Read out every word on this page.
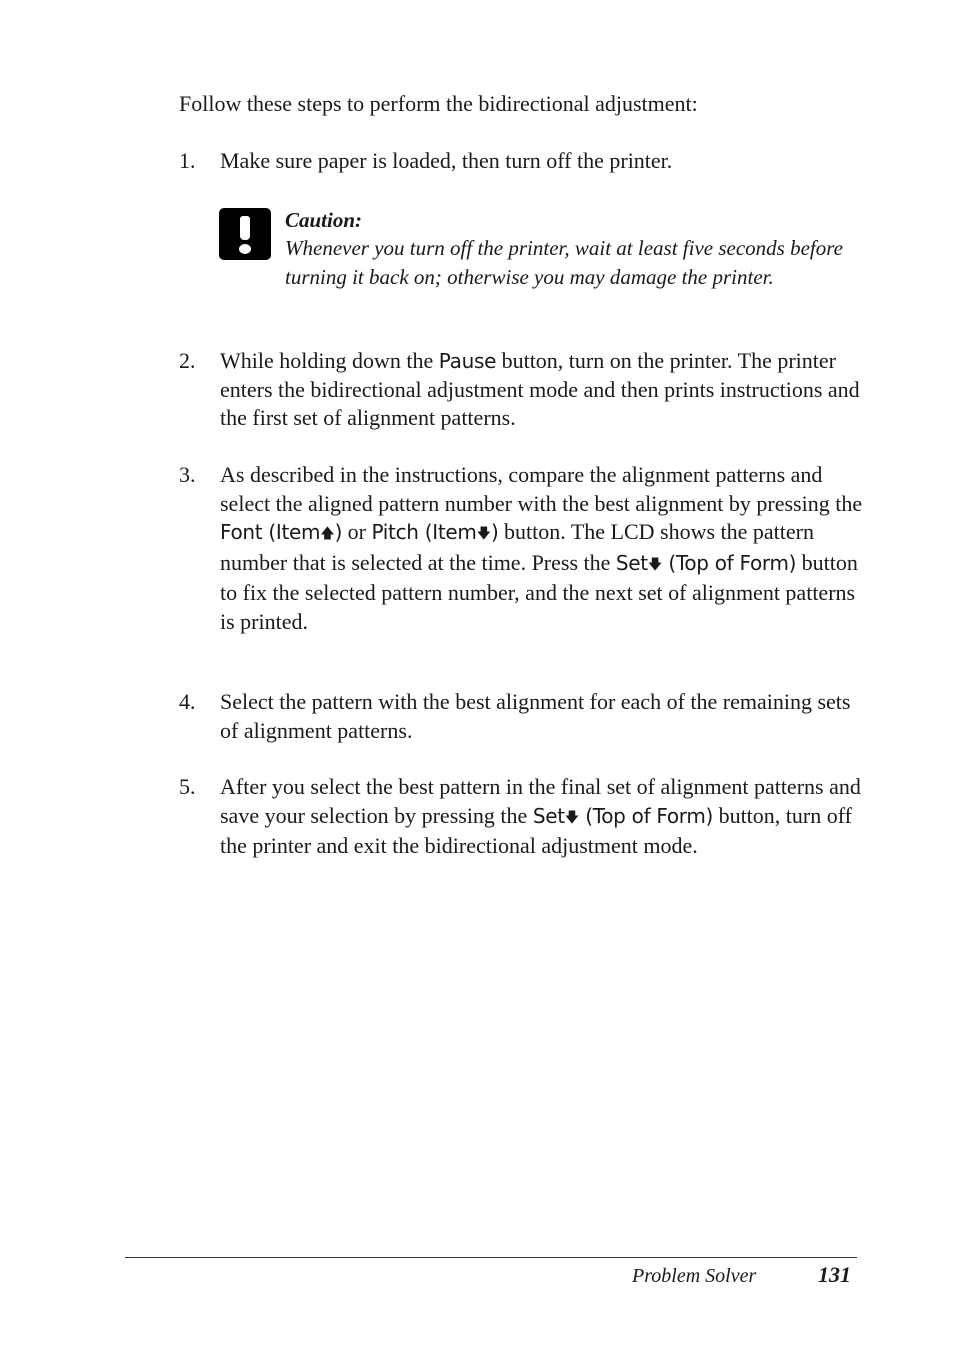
Follow these steps to perform the bidirectional adjustment:
1.	Make sure paper is loaded, then turn off the printer.
Caution:
Whenever you turn off the printer, wait at least five seconds before turning it back on; otherwise you may damage the printer.
2.	While holding down the Pause button, turn on the printer. The printer enters the bidirectional adjustment mode and then prints instructions and the first set of alignment patterns.
3.	As described in the instructions, compare the alignment patterns and select the aligned pattern number with the best alignment by pressing the Font (Item🡅) or Pitch (Item🡇) button. The LCD shows the pattern number that is selected at the time. Press the Set🡇 (Top of Form) button to fix the selected pattern number, and the next set of alignment patterns is printed.
4.	Select the pattern with the best alignment for each of the remaining sets of alignment patterns.
5.	After you select the best pattern in the final set of alignment patterns and save your selection by pressing the Set🡇 (Top of Form) button, turn off the printer and exit the bidirectional adjustment mode.
Problem Solver	131
